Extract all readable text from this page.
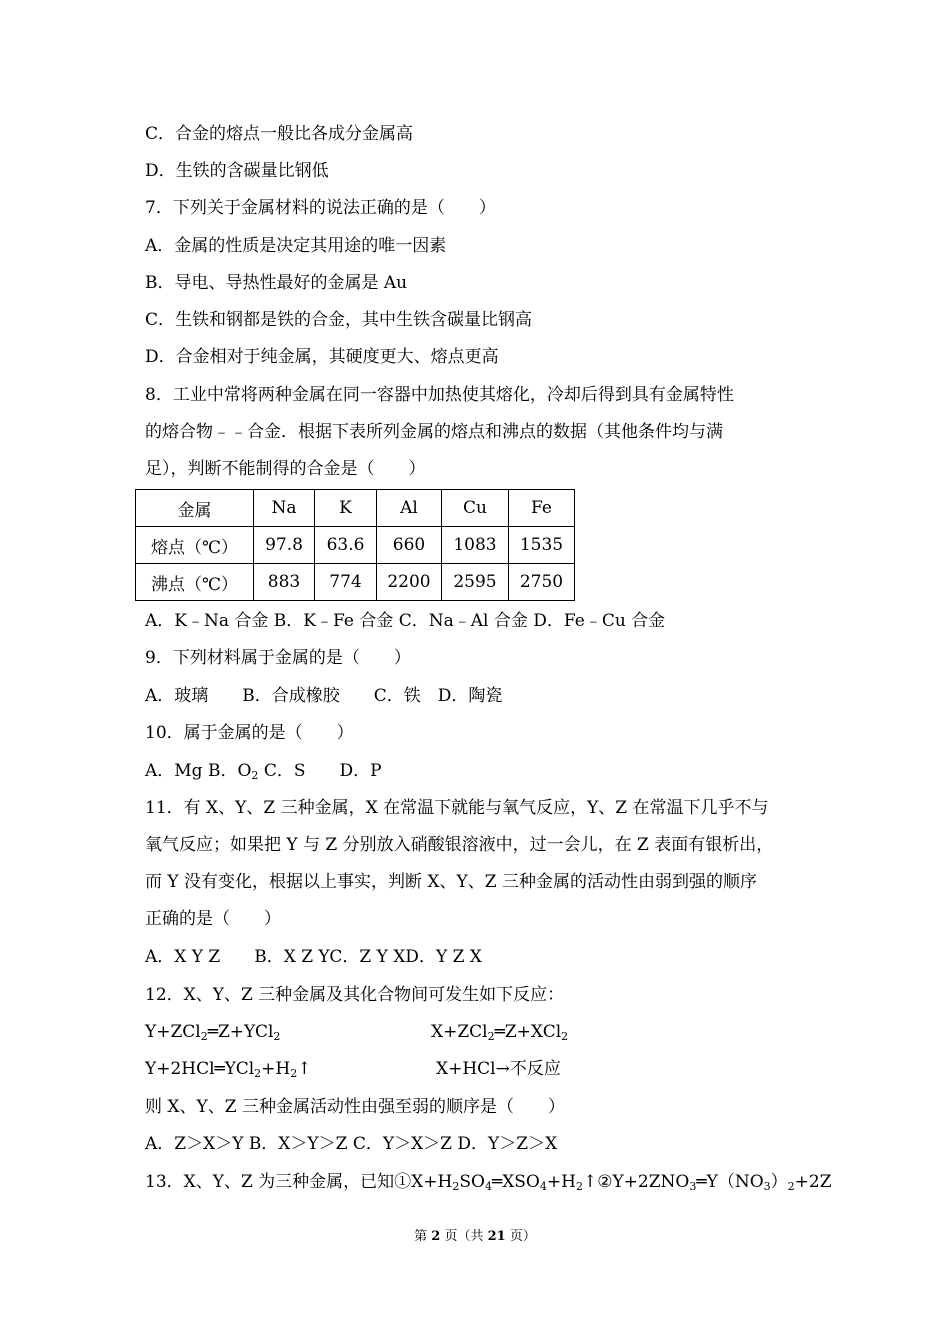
C．合金的熔点一般比各成分金属高
D．生铁的含碳量比钢低
7．下列关于金属材料的说法正确的是（　　）
A．金属的性质是决定其用途的唯一因素
B．导电、导热性最好的金属是 Au
C．生铁和钢都是铁的合金，其中生铁含碳量比钢高
D．合金相对于纯金属，其硬度更大、熔点更高
8．工业中常将两种金属在同一容器中加热使其熔化，冷却后得到具有金属特性
的熔合物﹣﹣合金．根据下表所列金属的熔点和沸点的数据（其他条件均与满
足），判断不能制得的合金是（　　）
金属	Na	K	Al	Cu	Fe
熔点（℃）	97.8	63.6	660	1083	1535
沸点（℃）	883	774	2200	2595	2750
A．K﹣Na 合金 B．K﹣Fe 合金 C．Na﹣Al 合金 D．Fe﹣Cu 合金
9．下列材料属于金属的是（　　）
A．玻璃　　B．合成橡胶　　C．铁　D．陶瓷
10．属于金属的是（　　）
A．Mg B．$O_2$ C．S　　D．P
11．有 X、Y、Z 三种金属，X 在常温下就能与氧气反应，Y、Z 在常温下几乎不与
氧气反应；如果把 Y 与 Z 分别放入硝酸银溶液中，过一会儿，在 Z 表面有银析出，
而 Y 没有变化，根据以上事实，判断 X、Y、Z 三种金属的活动性由弱到强的顺序
正确的是（　　）
A．X Y Z　　B．X Z YC．Z Y XD．Y Z X
12．X、Y、Z 三种金属及其化合物间可发生如下反应：
Y+ZCl$_2$═Z+YCl$_2$	X+ZCl$_2$═Z+XCl$_2$
$Y+2HCl═YCl_2+H_2↑$	X+HCl→不反应
则 X、Y、Z 三种金属活动性由强至弱的顺序是（　　）
A．Z＞X＞Y B．X＞Y＞Z C．Y＞X＞Z D．Y＞Z＞X
13．X、Y、Z 为三种金属，已知$①X+H_2SO_4═XSO_4+H_2↑②Y+2ZNO_3═Y(NO_3)_2+2Z$
第 2 页（共 21 页）
